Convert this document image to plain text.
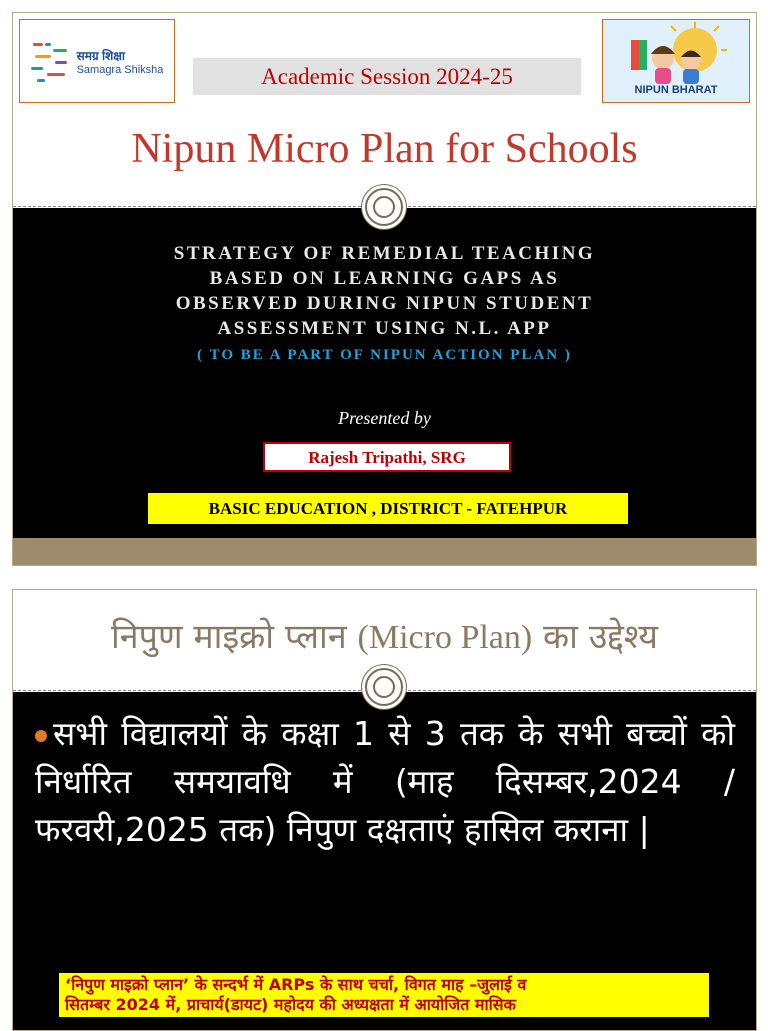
समग्र शिक्षा
Samagra Shiksha
NIPUN BHARAT
Academic Session 2024-25
Nipun Micro Plan for Schools
STRATEGY OF REMEDIAL TEACHING
BASED ON LEARNING GAPS AS
OBSERVED DURING NIPUN STUDENT
ASSESSMENT USING N.L. APP
( TO BE A PART OF NIPUN ACTION PLAN )
Presented by
Rajesh Tripathi, SRG
BASIC EDUCATION , DISTRICT - FATEHPUR
निपुण माइक्रो प्लान (Micro Plan) का उद्देश्य
सभी विद्यालयों के कक्षा 1 से 3 तक के सभी बच्चों को निर्धारित समयावधि में (माह दिसम्बर,2024 /फरवरी,2025 तक) निपुण दक्षताएं हासिल कराना |
‘निपुण माइक्रो प्लान’ के सन्दर्भ में ARPs के साथ चर्चा, विगत माह –जुलाई व
सितम्बर 2024 में, प्राचार्य(डायट) महोदय की अध्यक्षता में आयोजित मासिक
